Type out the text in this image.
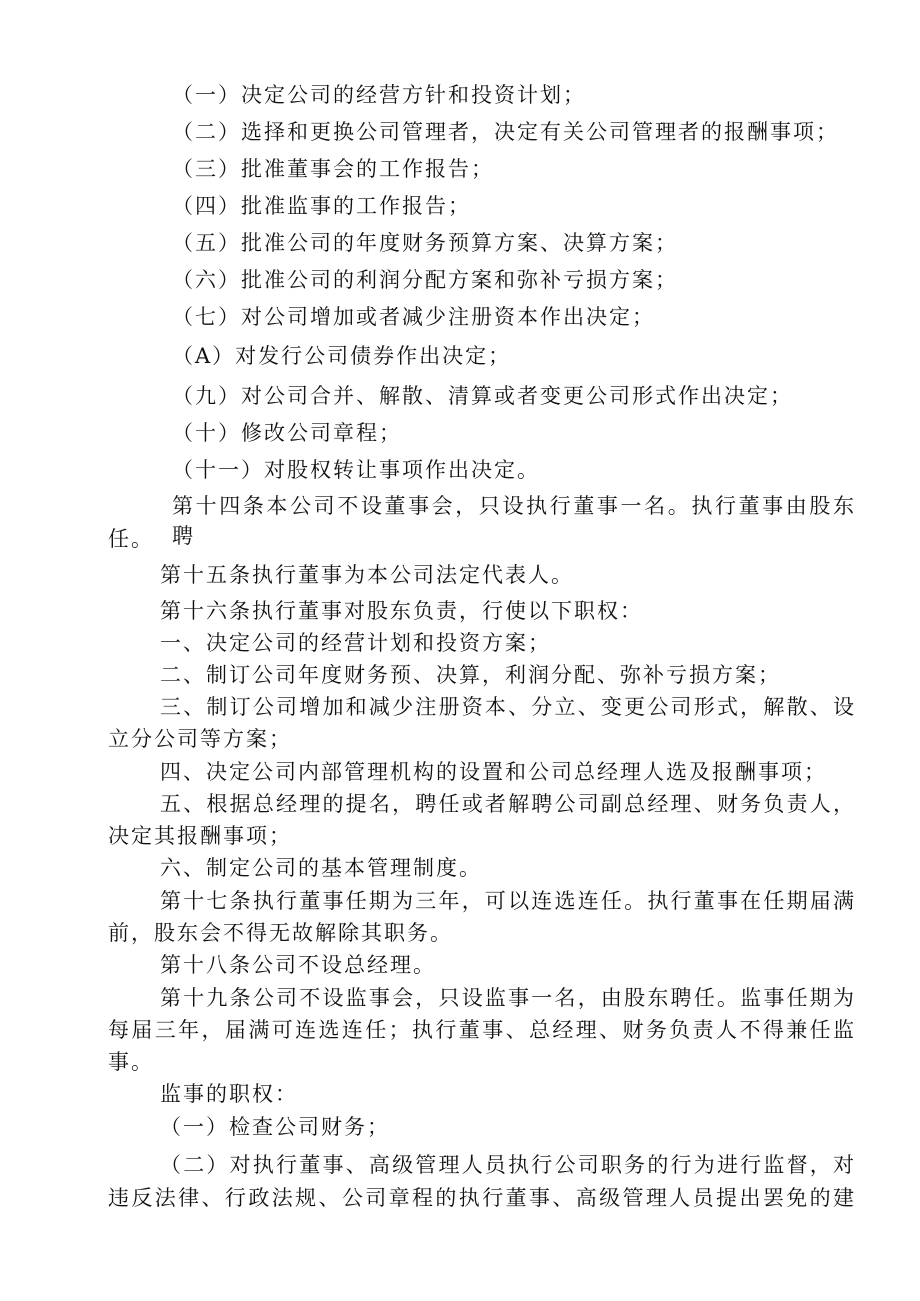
（一）决定公司的经营方针和投资计划；
（二）选择和更换公司管理者，决定有关公司管理者的报酬事项；
（三）批准董事会的工作报告；
（四）批准监事的工作报告；
（五）批准公司的年度财务预算方案、决算方案；
（六）批准公司的利润分配方案和弥补亏损方案；
（七）对公司增加或者减少注册资本作出决定；
（A）对发行公司债券作出决定；
（九）对公司合并、解散、清算或者变更公司形式作出决定；
（十）修改公司章程；
（十一）对股权转让事项作出决定。
第十四条本公司不设董事会，只设执行董事一名。执行董事由股东聘
任。
第十五条执行董事为本公司法定代表人。
第十六条执行董事对股东负责，行使以下职权：
一、决定公司的经营计划和投资方案；
二、制订公司年度财务预、决算，利润分配、弥补亏损方案；
三、制订公司增加和减少注册资本、分立、变更公司形式，解散、设
立分公司等方案；
四、决定公司内部管理机构的设置和公司总经理人选及报酬事项；
五、根据总经理的提名，聘任或者解聘公司副总经理、财务负责人，
决定其报酬事项；
六、制定公司的基本管理制度。
第十七条执行董事任期为三年，可以连选连任。执行董事在任期届满
前，股东会不得无故解除其职务。
第十八条公司不设总经理。
第十九条公司不设监事会，只设监事一名，由股东聘任。监事任期为
每届三年，届满可连选连任；执行董事、总经理、财务负责人不得兼任监
事。
监事的职权：
（一）检查公司财务；
（二）对执行董事、高级管理人员执行公司职务的行为进行监督，对
违反法律、行政法规、公司章程的执行董事、高级管理人员提出罢免的建
